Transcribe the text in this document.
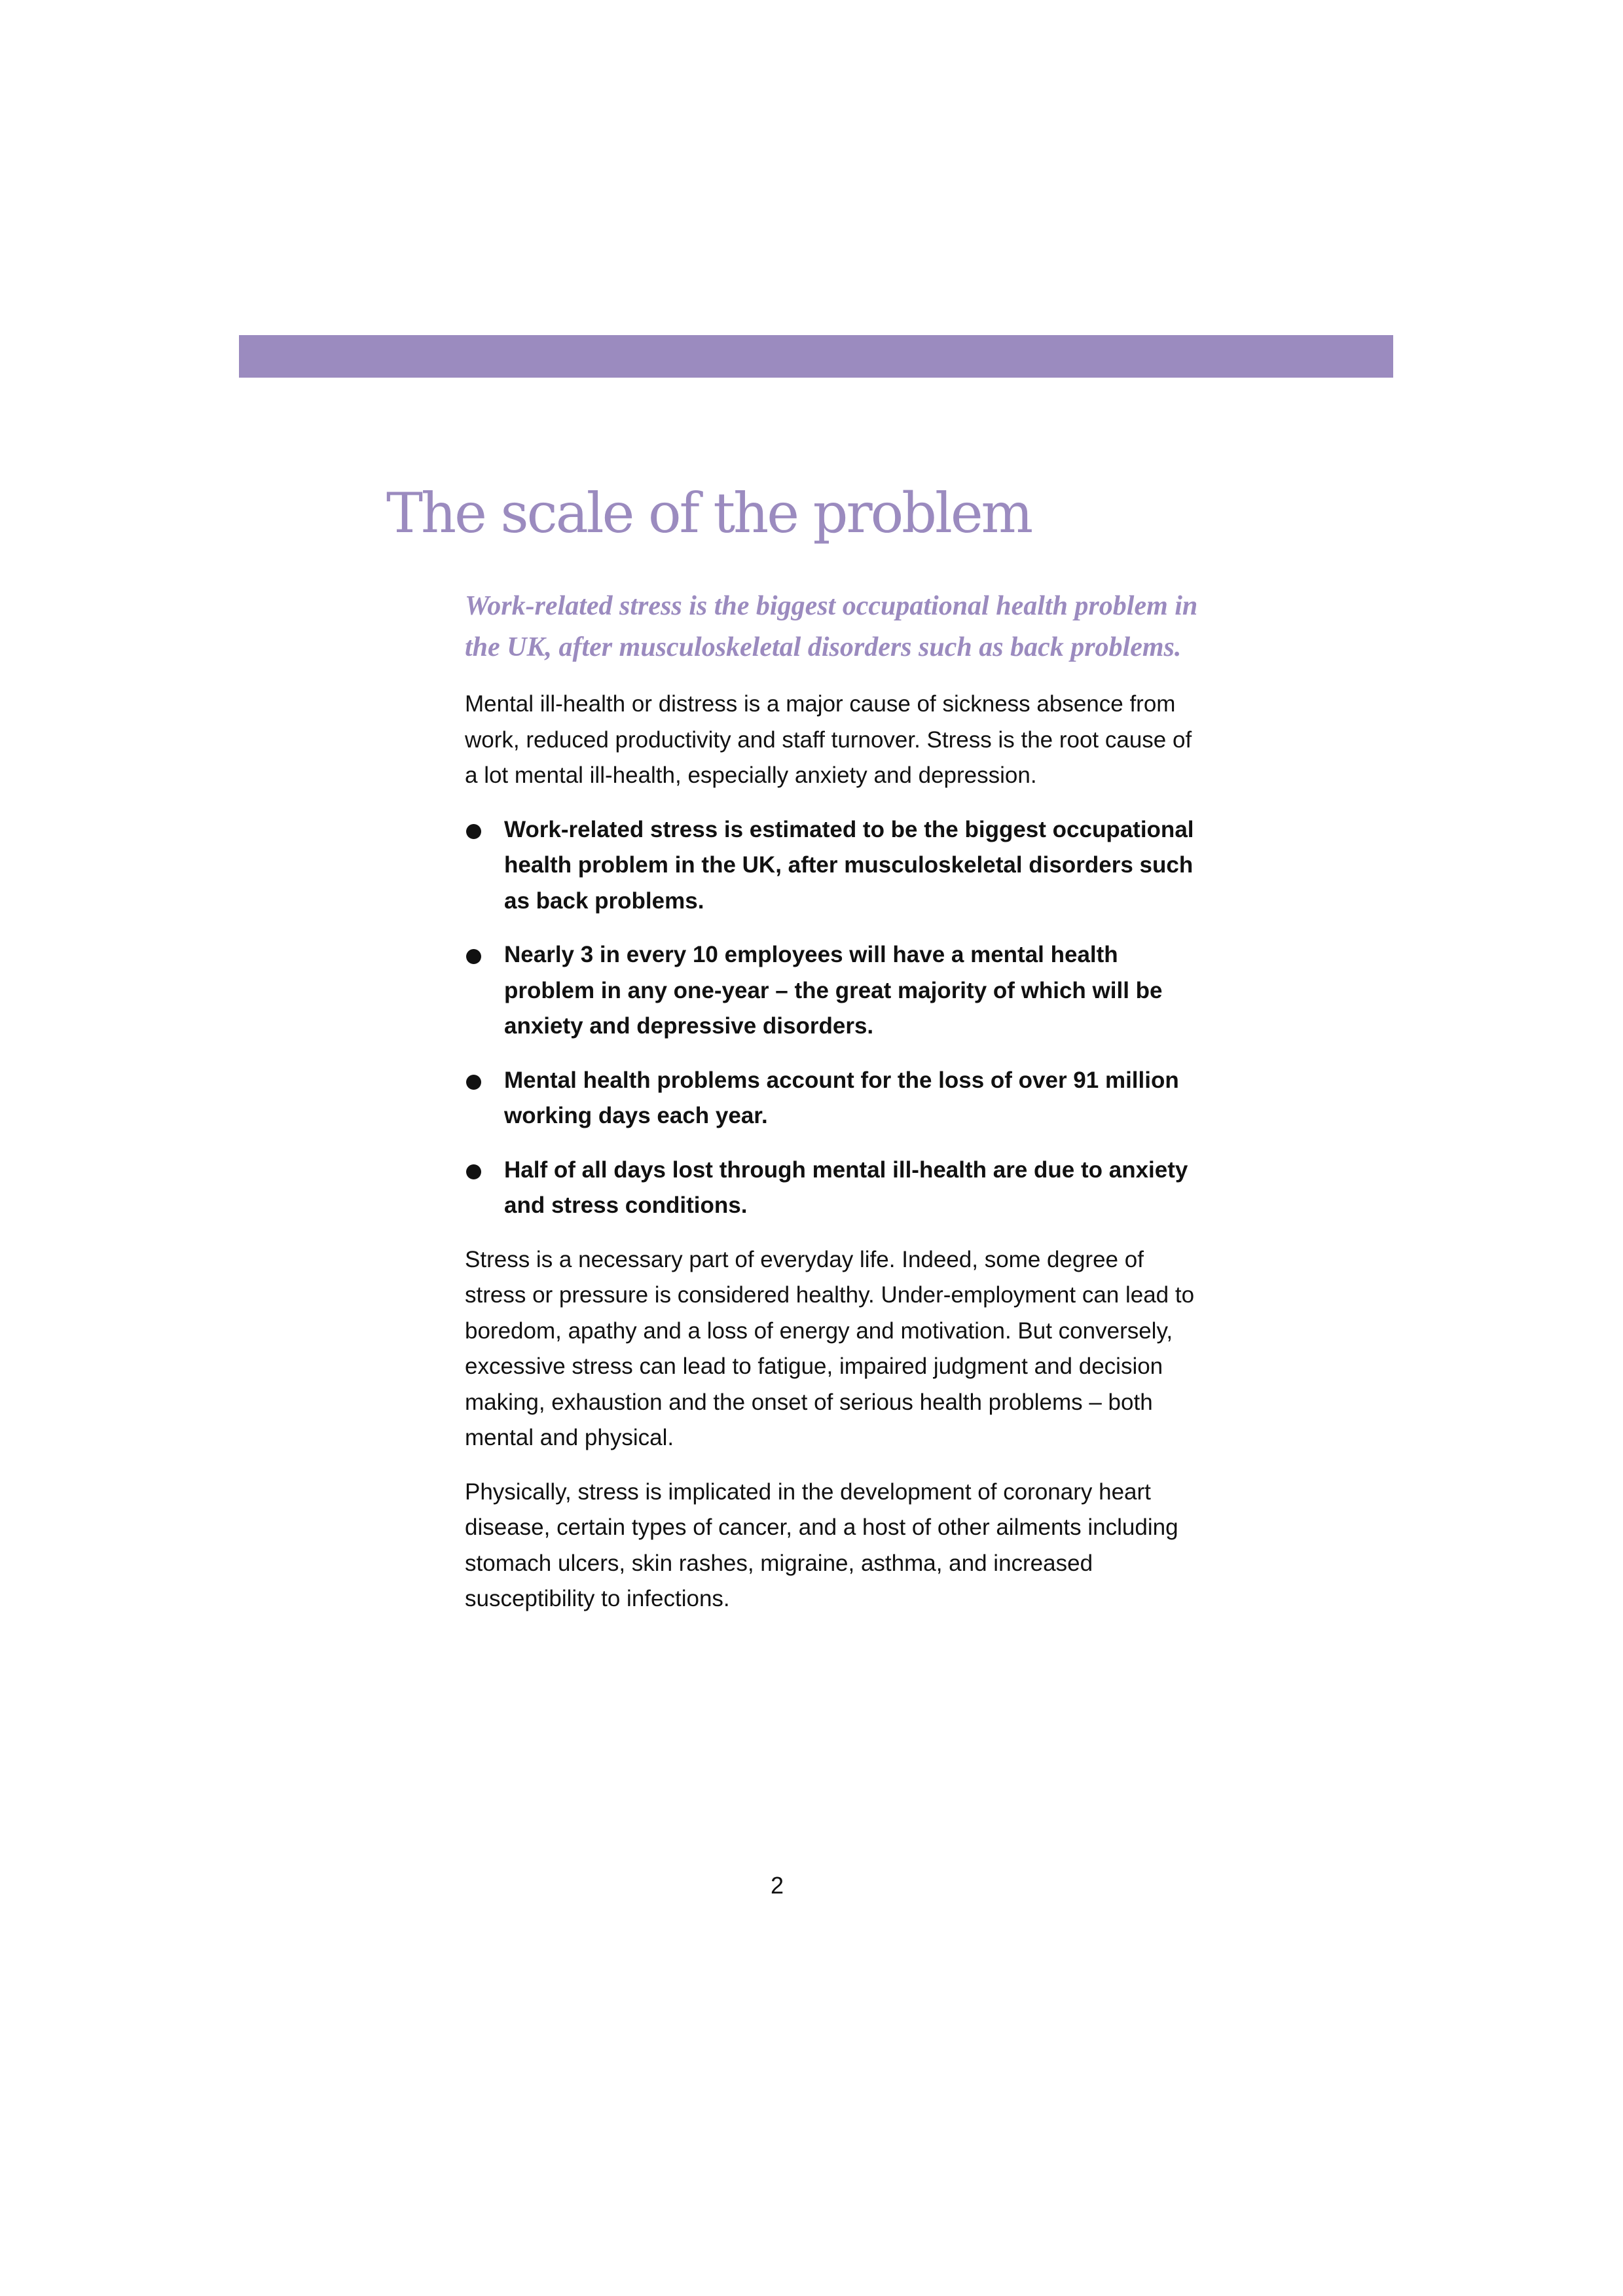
The scale of the problem

Work-related stress is the biggest occupational health problem in the UK, after musculoskeletal disorders such as back problems.

Mental ill-health or distress is a major cause of sickness absence from work, reduced productivity and staff turnover. Stress is the root cause of a lot mental ill-health, especially anxiety and depression.

Work-related stress is estimated to be the biggest occupational health problem in the UK, after musculoskeletal disorders such as back problems.
Nearly 3 in every 10 employees will have a mental health problem in any one-year – the great majority of which will be anxiety and depressive disorders.
Mental health problems account for the loss of over 91 million working days each year.
Half of all days lost through mental ill-health are due to anxiety and stress conditions.

Stress is a necessary part of everyday life. Indeed, some degree of stress or pressure is considered healthy. Under-employment can lead to boredom, apathy and a loss of energy and motivation. But conversely, excessive stress can lead to fatigue, impaired judgment and decision making, exhaustion and the onset of serious health problems – both mental and physical.

Physically, stress is implicated in the development of coronary heart disease, certain types of cancer, and a host of other ailments including stomach ulcers, skin rashes, migraine, asthma, and increased susceptibility to infections.

2
